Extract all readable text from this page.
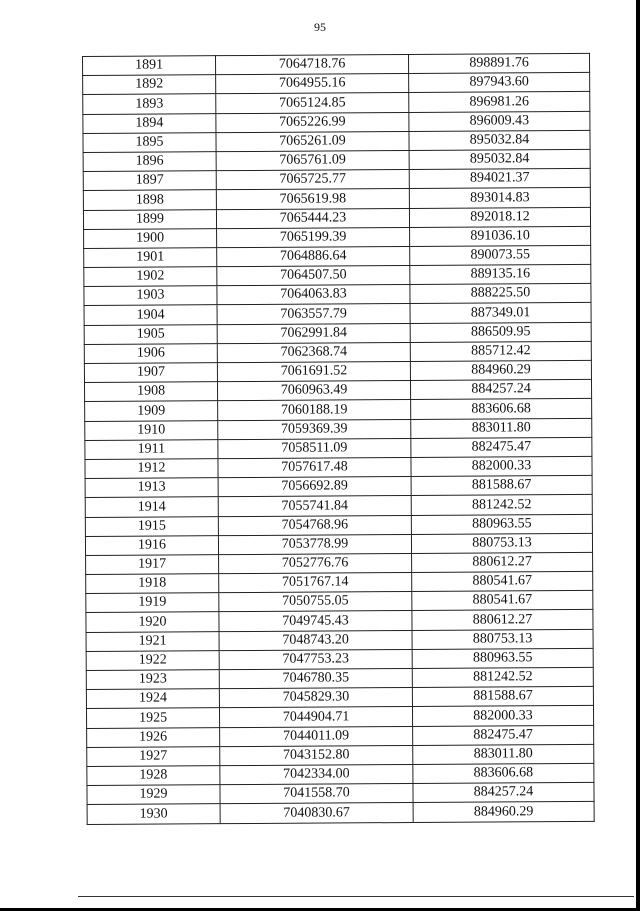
95
1891	7064718.76	898891.76
1892	7064955.16	897943.60
1893	7065124.85	896981.26
1894	7065226.99	896009.43
1895	7065261.09	895032.84
1896	7065761.09	895032.84
1897	7065725.77	894021.37
1898	7065619.98	893014.83
1899	7065444.23	892018.12
1900	7065199.39	891036.10
1901	7064886.64	890073.55
1902	7064507.50	889135.16
1903	7064063.83	888225.50
1904	7063557.79	887349.01
1905	7062991.84	886509.95
1906	7062368.74	885712.42
1907	7061691.52	884960.29
1908	7060963.49	884257.24
1909	7060188.19	883606.68
1910	7059369.39	883011.80
1911	7058511.09	882475.47
1912	7057617.48	882000.33
1913	7056692.89	881588.67
1914	7055741.84	881242.52
1915	7054768.96	880963.55
1916	7053778.99	880753.13
1917	7052776.76	880612.27
1918	7051767.14	880541.67
1919	7050755.05	880541.67
1920	7049745.43	880612.27
1921	7048743.20	880753.13
1922	7047753.23	880963.55
1923	7046780.35	881242.52
1924	7045829.30	881588.67
1925	7044904.71	882000.33
1926	7044011.09	882475.47
1927	7043152.80	883011.80
1928	7042334.00	883606.68
1929	7041558.70	884257.24
1930	7040830.67	884960.29
